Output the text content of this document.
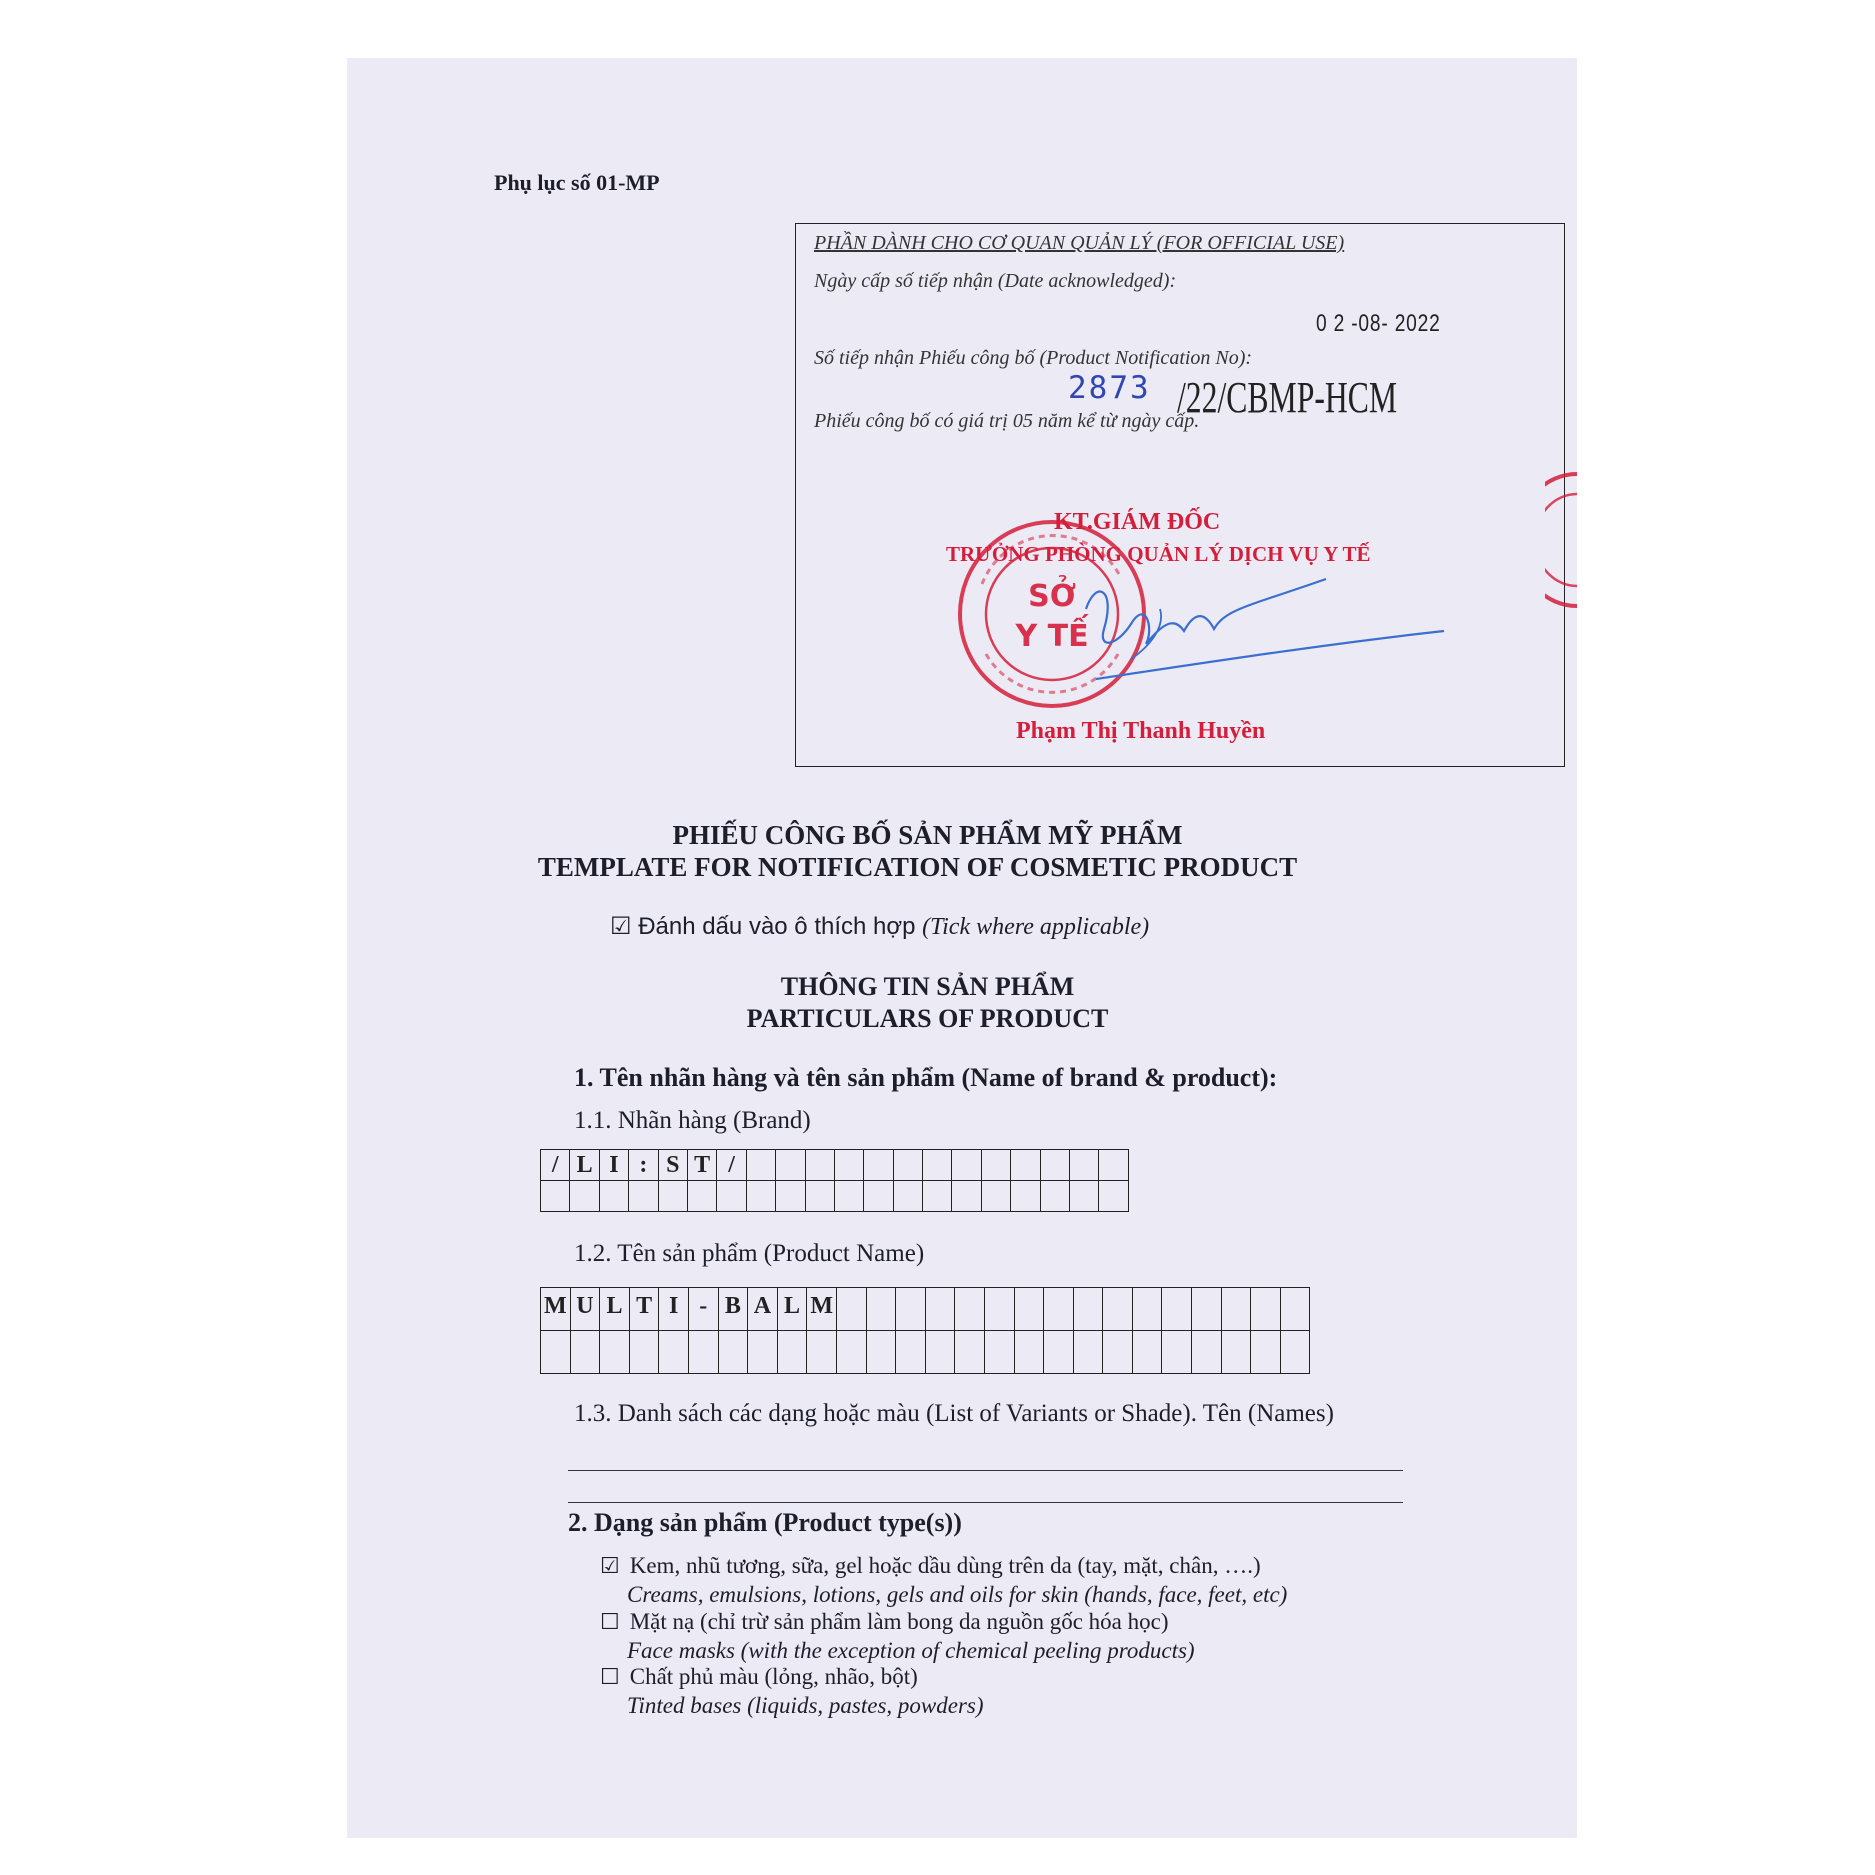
Phụ lục số 01-MP
PHẦN DÀNH CHO CƠ QUAN QUẢN LÝ (FOR OFFICIAL USE)
Ngày cấp số tiếp nhận (Date acknowledged):
0 2 -08- 2022
Số tiếp nhận Phiếu công bố (Product Notification No):
2873 /22/CBMP-HCM
Phiếu công bố có giá trị 05 năm kể từ ngày cấp.
SỞ
Y TẾ
KT.GIÁM ĐỐC
TRƯỞNG PHÒNG QUẢN LÝ DỊCH VỤ Y TẾ
Phạm Thị Thanh Huyền
PHIẾU CÔNG BỐ SẢN PHẨM MỸ PHẨM
TEMPLATE FOR NOTIFICATION OF COSMETIC PRODUCT
☑ Đánh dấu vào ô thích hợp (Tick where applicable)
THÔNG TIN SẢN PHẨM
PARTICULARS OF PRODUCT
1. Tên nhãn hàng và tên sản phẩm (Name of brand & product):
1.1. Nhãn hàng (Brand)
/	L	I	:	S	T	/													

1.2. Tên sản phẩm (Product Name)
M	U	L	T	I	-	B	A	L	M																

1.3. Danh sách các dạng hoặc màu (List of Variants or Shade). Tên (Names)
2. Dạng sản phẩm (Product type(s))
☑ Kem, nhũ tương, sữa, gel hoặc dầu dùng trên da (tay, mặt, chân, ….)
Creams, emulsions, lotions, gels and oils for skin (hands, face, feet, etc)
☐ Mặt nạ (chỉ trừ sản phẩm làm bong da nguồn gốc hóa học)
Face masks (with the exception of chemical peeling products)
☐ Chất phủ màu (lỏng, nhão, bột)
Tinted bases (liquids, pastes, powders)
